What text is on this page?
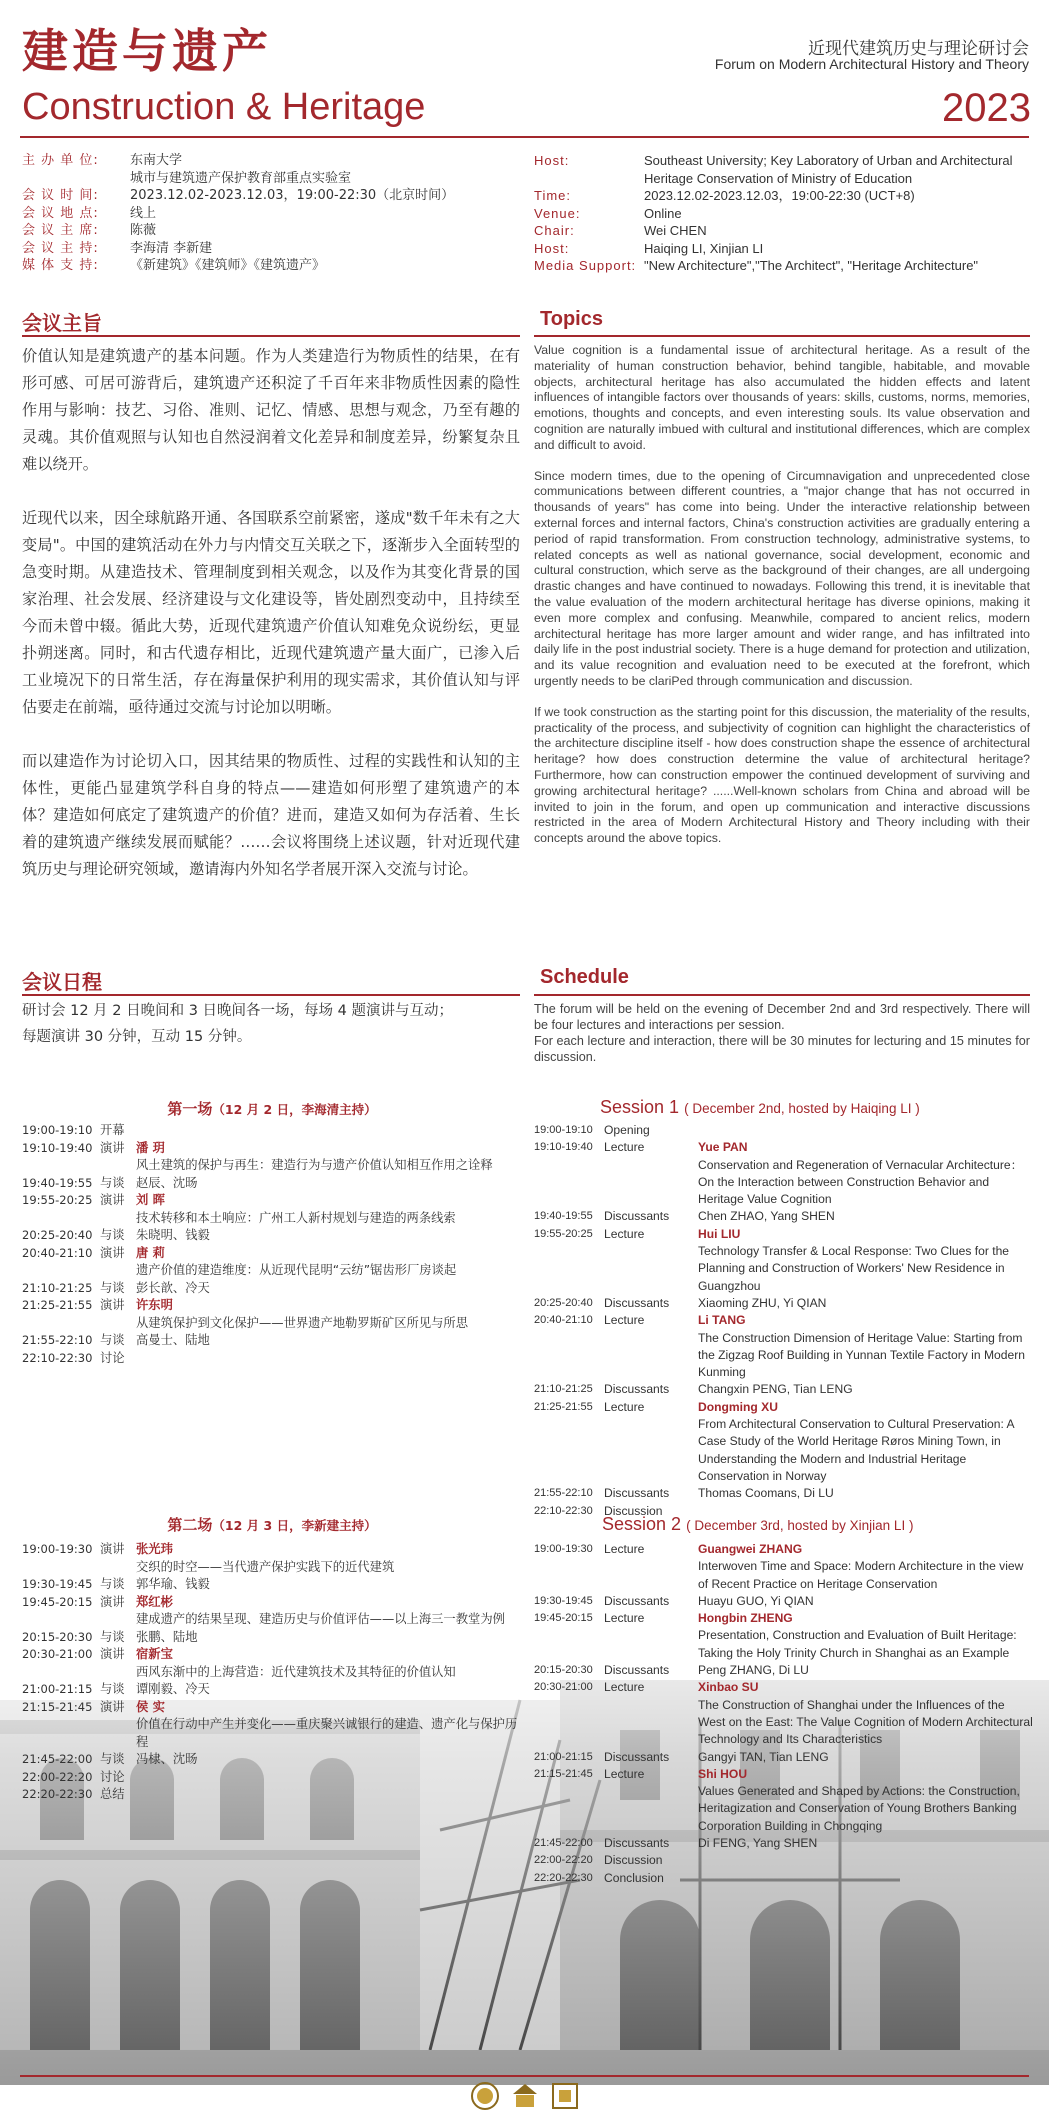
建造与遗产
Construction & Heritage
近现代建筑历史与理论研讨会
Forum on Modern Architectural History and Theory
2023
主 办 单 位:	东南大学
城市与建筑遗产保护教育部重点实验室
会 议 时 间:	2023.12.02-2023.12.03，19:00-22:30（北京时间）
会 议 地 点:	线上
会 议 主 席:	陈薇
会 议 主 持:	李海清 李新建
媒 体 支 持:	《新建筑》《建筑师》《建筑遗产》
Host:	Southeast University; Key Laboratory of Urban and Architectural Heritage Conservation of Ministry of Education
Time:	2023.12.02-2023.12.03，19:00-22:30 (UCT+8)
Venue:	Online
Chair:	Wei CHEN
Host:	Haiqing LI, Xinjian LI
Media Support: "New Architecture","The Architect", "Heritage Architecture"
会议主旨	Topics

价值认知是建筑遗产的基本问题。作为人类建造行为物质性的结果，在有形可感、可居可游背后，建筑遗产还积淀了千百年来非物质性因素的隐性作用与影响：技艺、习俗、准则、记忆、情感、思想与观念，乃至有趣的灵魂。其价值观照与认知也自然浸润着文化差异和制度差异，纷繁复杂且难以绕开。

近现代以来，因全球航路开通、各国联系空前紧密，遂成"数千年未有之大变局"。中国的建筑活动在外力与内情交互关联之下，逐渐步入全面转型的急变时期。从建造技术、管理制度到相关观念，以及作为其变化背景的国家治理、社会发展、经济建设与文化建设等，皆处剧烈变动中，且持续至今而未曾中辍。循此大势，近现代建筑遗产价值认知难免众说纷纭，更显扑朔迷离。同时，和古代遗存相比，近现代建筑遗产量大面广，已渗入后工业境况下的日常生活，存在海量保护利用的现实需求，其价值认知与评估要走在前端，亟待通过交流与讨论加以明晰。

而以建造作为讨论切入口，因其结果的物质性、过程的实践性和认知的主体性，更能凸显建筑学科自身的特点——建造如何形塑了建筑遗产的本体？建造如何底定了建筑遗产的价值？进而，建造又如何为存活着、生长着的建筑遗产继续发展而赋能？……会议将围绕上述议题，针对近现代建筑历史与理论研究领域，邀请海内外知名学者展开深入交流与讨论。

Value cognition is a fundamental issue of architectural heritage. As a result of the materiality of human construction behavior, behind tangible, habitable, and movable objects, architectural heritage has also accumulated the hidden effects and latent influences of intangible factors over thousands of years: skills, customs, norms, memories, emotions, thoughts and concepts, and even interesting souls. Its value observation and cognition are naturally imbued with cultural and institutional differences, which are complex and difficult to avoid.

Since modern times, due to the opening of Circumnavigation and unprecedented close communications between different countries, a "major change that has not occurred in thousands of years" has come into being. Under the interactive relationship between external forces and internal factors, China's construction activities are gradually entering a period of rapid transformation. From construction technology, administrative systems, to related concepts as well as national governance, social development, economic and cultural construction, which serve as the background of their changes, are all undergoing drastic changes and have continued to nowadays. Following this trend, it is inevitable that the value evaluation of the modern architectural heritage has diverse opinions, making it even more complex and confusing. Meanwhile, compared to ancient relics, modern architectural heritage has more larger amount and wider range, and has infiltrated into daily life in the post industrial society. There is a huge demand for protection and utilization, and its value recognition and evaluation need to be executed at the forefront, which urgently needs to be clariPed through communication and discussion.

If we took construction as the starting point for this discussion, the materiality of the results, practicality of the process, and subjectivity of cognition can highlight the characteristics of the architecture discipline itself - how does construction shape the essence of architectural heritage? how does construction determine the value of architectural heritage? Furthermore, how can construction empower the continued development of surviving and growing architectural heritage? ......Well-known scholars from China and abroad will be invited to join in the forum, and open up communication and interactive discussions restricted in the area of Modern Architectural History and Theory including with their concepts around the above topics.

会议日程	Schedule
研讨会 12 月 2 日晚间和 3 日晚间各一场，每场 4 题演讲与互动；
每题演讲 30 分钟，互动 15 分钟。
The forum will be held on the evening of December 2nd and 3rd respectively. There will be four lectures and interactions per session.
For each lecture and interaction, there will be 30 minutes for lecturing and 15 minutes for discussion.
第一场（12 月 2 日，李海清主持）	Session 1 ( December 2nd, hosted by Haiqing LI )
19:00-19:10 开幕
19:10-19:40 演讲 潘 玥
风土建筑的保护与再生：建造行为与遗产价值认知相互作用之诠释
19:40-19:55 与谈 赵辰、沈旸
19:55-20:25 演讲 刘 晖
技术转移和本土响应：广州工人新村规划与建造的两条线索
20:25-20:40 与谈 朱晓明、钱毅
20:40-21:10 演讲 唐 莉
遗产价值的建造维度：从近现代昆明“云纺”锯齿形厂房谈起
21:10-21:25 与谈 彭长歆、冷天
21:25-21:55 演讲 许东明
从建筑保护到文化保护——世界遗产地勒罗斯矿区所见与所思
21:55-22:10 与谈 高曼士、陆地
22:10-22:30 讨论
19:00-19:10 Opening
19:10-19:40 Lecture	Yue PAN
Conservation and Regeneration of Vernacular Architecture：On the Interaction between Construction Behavior and Heritage Value Cognition
19:40-19:55 Discussants	Chen ZHAO, Yang SHEN
19:55-20:25 Lecture	Hui LIU
Technology Transfer & Local Response: Two Clues for the Planning and Construction of Workers' New Residence in Guangzhou
20:25-20:40 Discussants	Xiaoming ZHU, Yi QIAN
20:40-21:10 Lecture	Li TANG
The Construction Dimension of Heritage Value: Starting from the Zigzag Roof Building in Yunnan Textile Factory in Modern Kunming
21:10-21:25 Discussants	Changxin PENG, Tian LENG
21:25-21:55 Lecture	Dongming XU
From Architectural Conservation to Cultural Preservation: A Case Study of the World Heritage Røros Mining Town, in Understanding the Modern and Industrial Heritage Conservation in Norway
21:55-22:10 Discussants	Thomas Coomans, Di LU
22:10-22:30 Discussion
第二场（12 月 3 日，李新建主持）	Session 2 ( December 3rd, hosted by Xinjian LI )
19:00-19:30 演讲 张光玮
交织的时空——当代遗产保护实践下的近代建筑
19:30-19:45 与谈 郭华瑜、钱毅
19:45-20:15 演讲 郑红彬
建成遗产的结果呈现、建造历史与价值评估——以上海三一教堂为例
20:15-20:30 与谈 张鹏、陆地
20:30-21:00 演讲 宿新宝
西风东渐中的上海营造：近代建筑技术及其特征的价值认知
21:00-21:15 与谈 谭刚毅、冷天
21:15-21:45 演讲 侯 实
价值在行动中产生并变化——重庆聚兴诚银行的建造、遗产化与保护历程
21:45-22:00 与谈 冯棣、沈旸
22:00-22:20 讨论
22:20-22:30 总结
19:00-19:30 Lecture	Guangwei ZHANG
Interwoven Time and Space: Modern Architecture in the view of Recent Practice on Heritage Conservation
19:30-19:45 Discussants	Huayu GUO, Yi QIAN
19:45-20:15 Lecture	Hongbin ZHENG
Presentation, Construction and Evaluation of Built Heritage: Taking the Holy Trinity Church in Shanghai as an Example
20:15-20:30 Discussants	Peng ZHANG, Di LU
20:30-21:00 Lecture	Xinbao SU
The Construction of Shanghai under the Influences of the West on the East: The Value Cognition of Modern Architectural Technology and Its Characteristics
21:00-21:15 Discussants	Gangyi TAN, Tian LENG
21:15-21:45 Lecture	Shi HOU
Values Generated and Shaped by Actions: the Construction, Heritagization and Conservation of Young Brothers Banking Corporation Building in Chongqing
21:45-22:00 Discussants	Di FENG, Yang SHEN
22:00-22:20 Discussion
22:20-22:30 Conclusion
